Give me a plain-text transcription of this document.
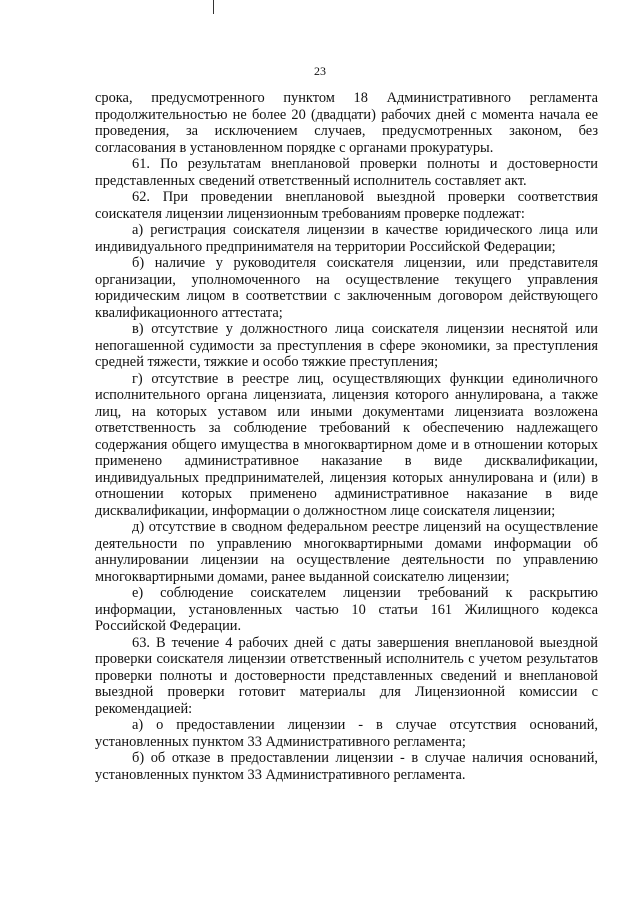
23

срока, предусмотренного пунктом 18 Административного регламента продолжительностью не более 20 (двадцати) рабочих дней с момента начала ее проведения, за исключением случаев, предусмотренных законом, без согласования в установленном порядке с органами прокуратуры.

61. По результатам внеплановой проверки полноты и достоверности представленных сведений ответственный исполнитель составляет акт.

62. При проведении внеплановой выездной проверки соответствия соискателя лицензии лицензионным требованиям проверке подлежат:

а) регистрация соискателя лицензии в качестве юридического лица или индивидуального предпринимателя на территории Российской Федерации;

б) наличие у руководителя соискателя лицензии, или представителя организации, уполномоченного на осуществление текущего управления юридическим лицом в соответствии с заключенным договором действующего квалификационного аттестата;

в) отсутствие у должностного лица соискателя лицензии неснятой или непогашенной судимости за преступления в сфере экономики, за преступления средней тяжести, тяжкие и особо тяжкие преступления;

г) отсутствие в реестре лиц, осуществляющих функции единоличного исполнительного органа лицензиата, лицензия которого аннулирована, а также лиц, на которых уставом или иными документами лицензиата возложена ответственность за соблюдение требований к обеспечению надлежащего содержания общего имущества в многоквартирном доме и в отношении которых применено административное наказание в виде дисквалификации, индивидуальных предпринимателей, лицензия которых аннулирована и (или) в отношении которых применено административное наказание в виде дисквалификации, информации о должностном лице соискателя лицензии;

д) отсутствие в сводном федеральном реестре лицензий на осуществление деятельности по управлению многоквартирными домами информации об аннулировании лицензии на осуществление деятельности по управлению многоквартирными домами, ранее выданной соискателю лицензии;

е) соблюдение соискателем лицензии требований к раскрытию информации, установленных частью 10 статьи 161 Жилищного кодекса Российской Федерации.

63. В течение 4 рабочих дней с даты завершения внеплановой выездной проверки соискателя лицензии ответственный исполнитель с учетом результатов проверки полноты и достоверности представленных сведений и внеплановой выездной проверки готовит материалы для Лицензионной комиссии с рекомендацией:

а) о предоставлении лицензии - в случае отсутствия оснований, установленных пунктом 33 Административного регламента;

б) об отказе в предоставлении лицензии - в случае наличия оснований, установленных пунктом 33 Административного регламента.
